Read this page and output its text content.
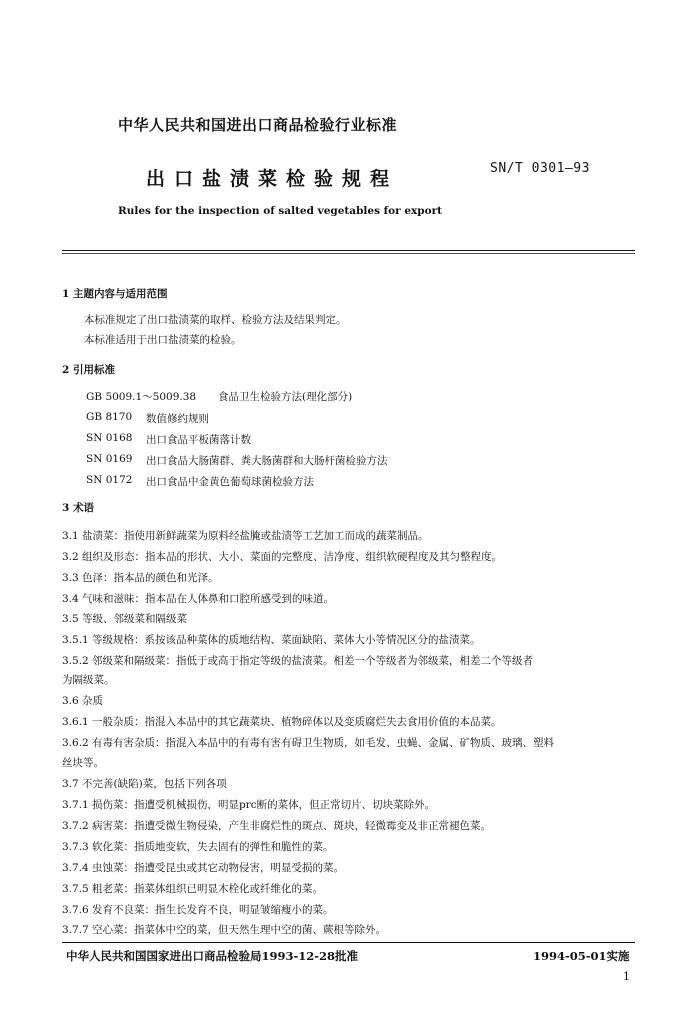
中华人民共和国进出口商品检验行业标准
出口盐渍菜检验规程	SN/T 0301—93
Rules for the inspection of salted vegetables for export
1 主题内容与适用范围
本标准规定了出口盐渍菜的取样、检验方法及结果判定。
本标准适用于出口盐渍菜的检验。
2 引用标准
GB 5009.1～5009.38 食品卫生检验方法(理化部分)
GB 8170 数值修约规则
SN 0168 出口食品平板菌落计数
SN 0169 出口食品大肠菌群、粪大肠菌群和大肠杆菌检验方法
SN 0172 出口食品中金黄色葡萄球菌检验方法
3 术语
3.1 盐渍菜：指使用新鲜蔬菜为原料经盐腌或盐渍等工艺加工而成的蔬菜制品。
3.2 组织及形态：指本品的形状、大小、菜面的完整度、洁净度、组织软硬程度及其匀整程度。
3.3 色泽：指本品的颜色和光泽。
3.4 气味和滋味：指本品在人体鼻和口腔所感受到的味道。
3.5 等级、邻级菜和隔级菜
3.5.1 等级规格：系按该品种菜体的质地结构、菜面缺陷、菜体大小等情况区分的盐渍菜。
3.5.2 邻级菜和隔级菜：指低于或高于指定等级的盐渍菜。相差一个等级者为邻级菜，相差二个等级者
为隔级菜。
3.6 杂质
3.6.1 一般杂质：指混入本品中的其它蔬菜块、植物碎体以及变质腐烂失去食用价值的本品菜。
3.6.2 有毒有害杂质：指混入本品中的有毒有害有碍卫生物质，如毛发、虫蝇、金属、矿物质、玻璃、塑料
丝块等。
3.7 不完善(缺陷)菜，包括下列各项
3.7.1 损伤菜：指遭受机械损伤，明显prc断的菜体，但正常切片、切块菜除外。
3.7.2 病害菜：指遭受微生物侵染，产生非腐烂性的斑点、斑块，轻微霉变及非正常褪色菜。
3.7.3 软化菜：指质地变软，失去固有的弹性和脆性的菜。
3.7.4 虫蚀菜：指遭受昆虫或其它动物侵害，明显受损的菜。
3.7.5 粗老菜：指菜体组织已明显木栓化或纤维化的菜。
3.7.6 发育不良菜：指生长发育不良，明显皱缩瘦小的菜。
3.7.7 空心菜：指菜体中空的菜，但天然生理中空的菌、蕨根等除外。
中华人民共和国国家进出口商品检验局1993-12-28批准	1994-05-01实施
1
